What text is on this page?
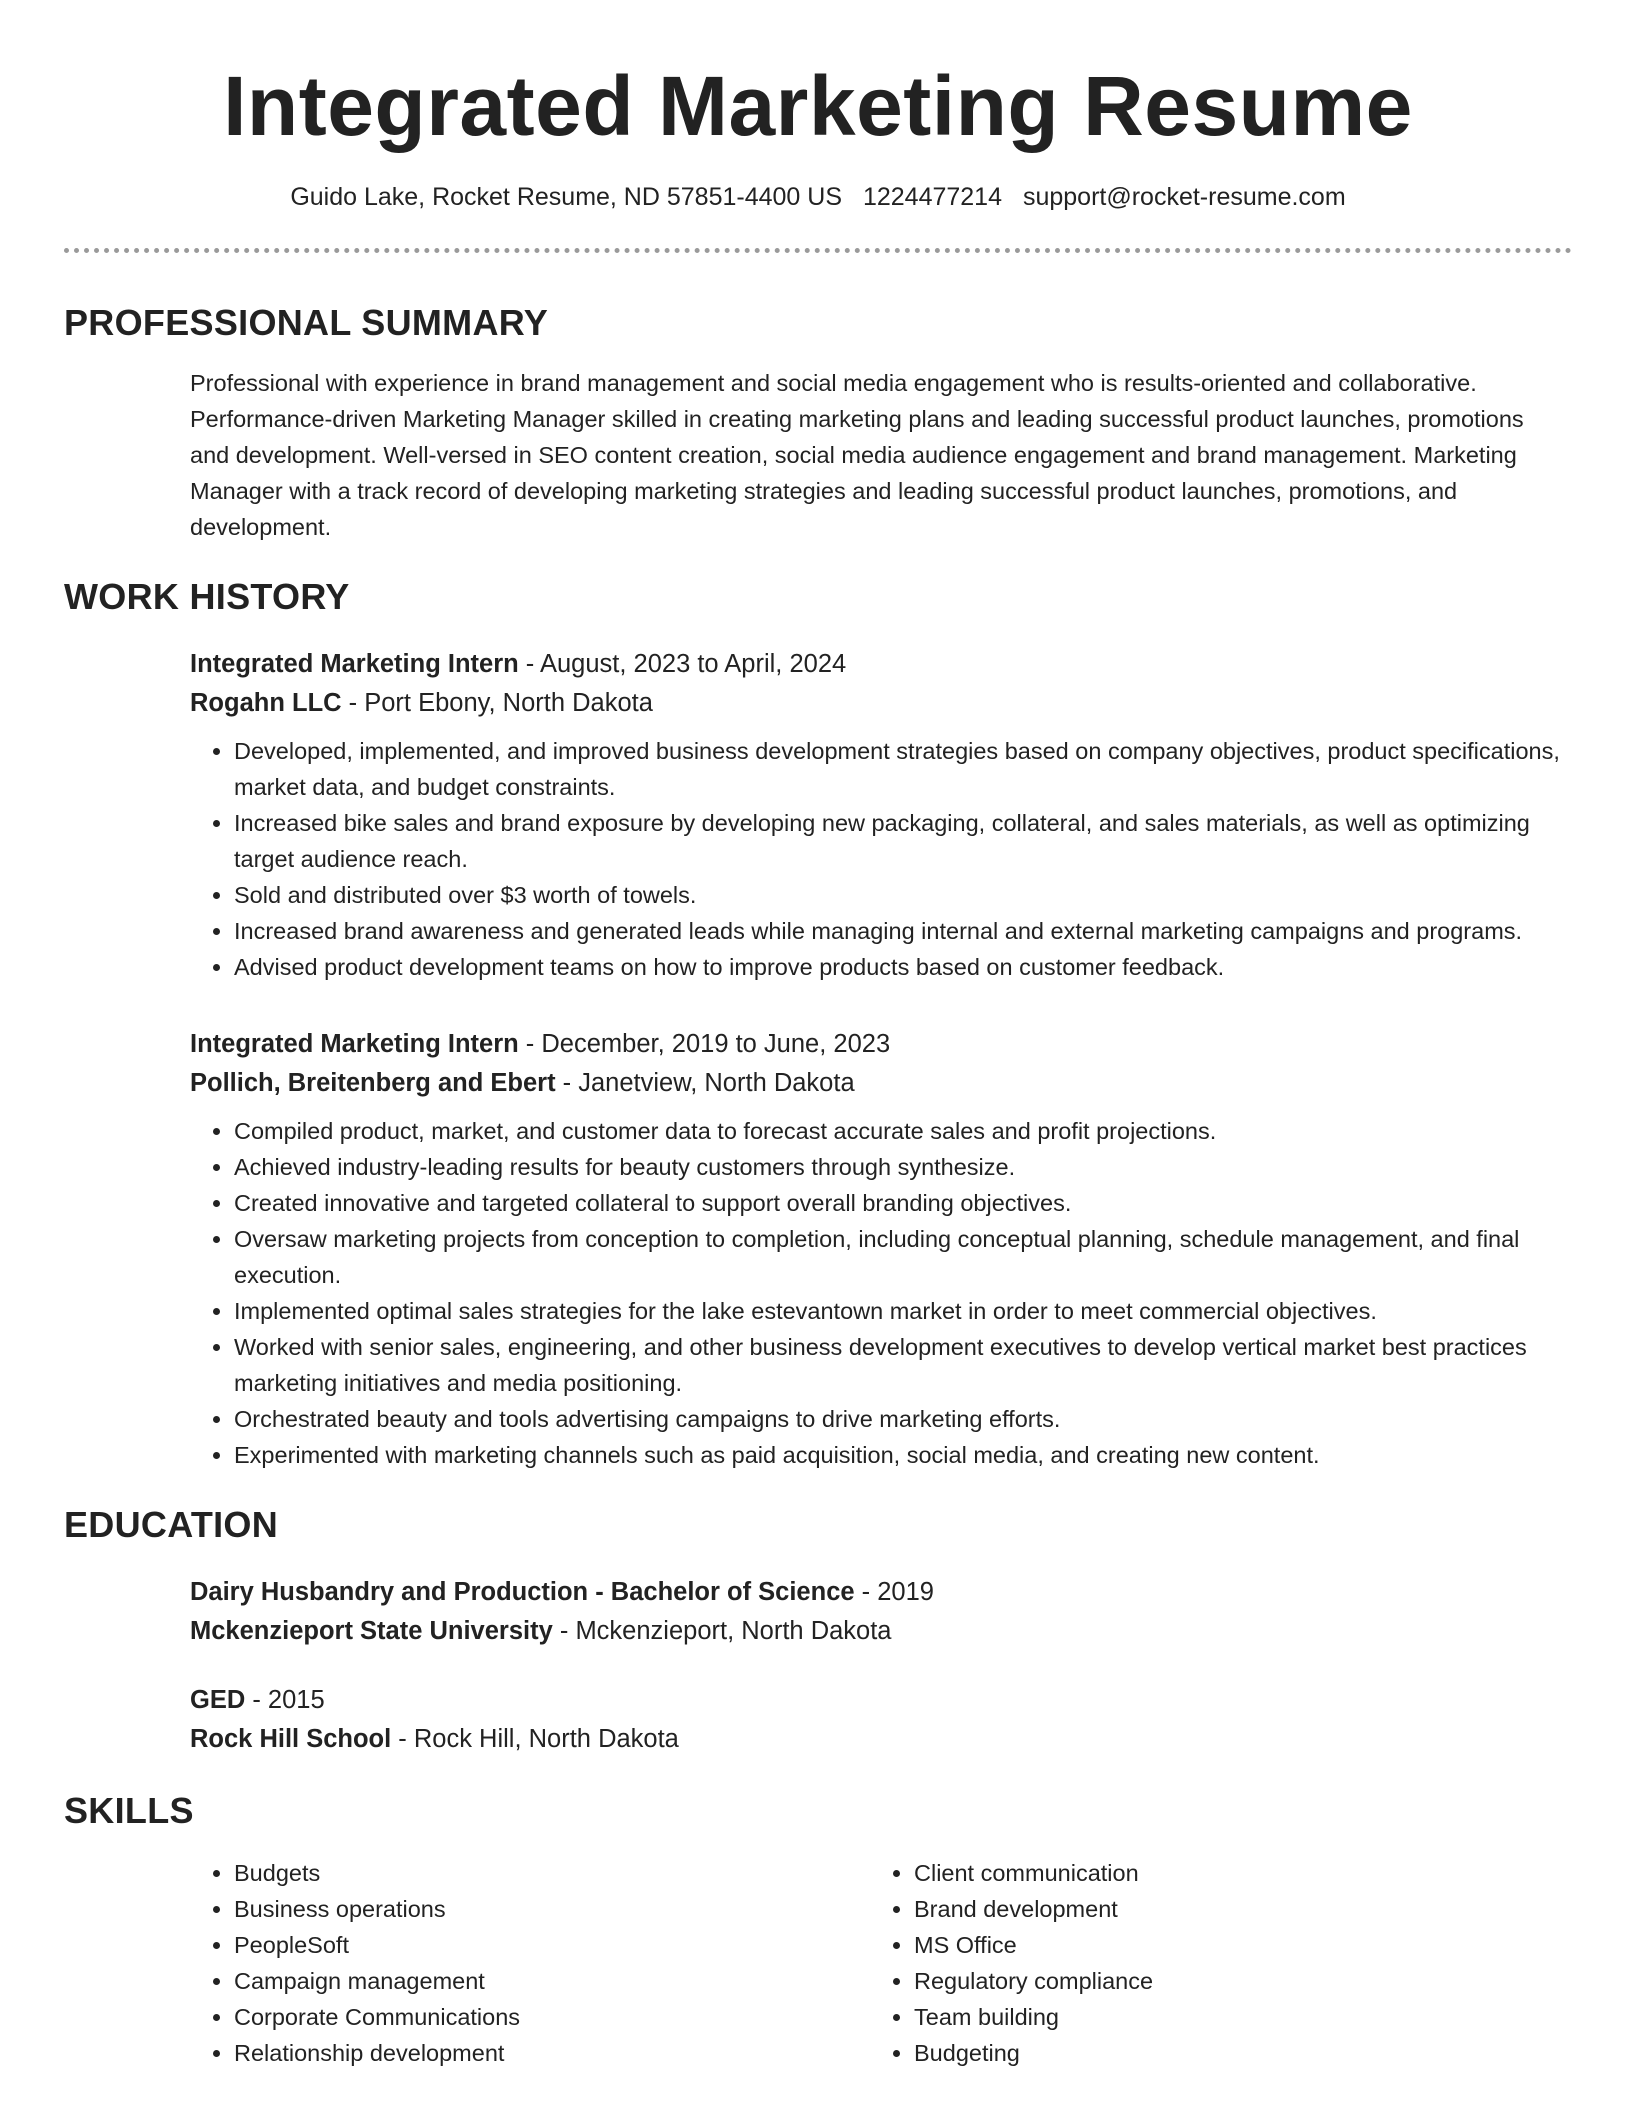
Integrated Marketing Resume
Guido Lake, Rocket Resume, ND 57851-4400 US 1224477214 support@rocket-resume.com
PROFESSIONAL SUMMARY
Professional with experience in brand management and social media engagement who is results-oriented and collaborative. Performance-driven Marketing Manager skilled in creating marketing plans and leading successful product launches, promotions and development. Well-versed in SEO content creation, social media audience engagement and brand management. Marketing Manager with a track record of developing marketing strategies and leading successful product launches, promotions, and development.
WORK HISTORY
Integrated Marketing Intern - August, 2023 to April, 2024
Rogahn LLC - Port Ebony, North Dakota
• Developed, implemented, and improved business development strategies based on company objectives, product specifications, market data, and budget constraints.
• Increased bike sales and brand exposure by developing new packaging, collateral, and sales materials, as well as optimizing target audience reach.
• Sold and distributed over $3 worth of towels.
• Increased brand awareness and generated leads while managing internal and external marketing campaigns and programs.
• Advised product development teams on how to improve products based on customer feedback.
Integrated Marketing Intern - December, 2019 to June, 2023
Pollich, Breitenberg and Ebert - Janetview, North Dakota
• Compiled product, market, and customer data to forecast accurate sales and profit projections.
• Achieved industry-leading results for beauty customers through synthesize.
• Created innovative and targeted collateral to support overall branding objectives.
• Oversaw marketing projects from conception to completion, including conceptual planning, schedule management, and final execution.
• Implemented optimal sales strategies for the lake estevantown market in order to meet commercial objectives.
• Worked with senior sales, engineering, and other business development executives to develop vertical market best practices marketing initiatives and media positioning.
• Orchestrated beauty and tools advertising campaigns to drive marketing efforts.
• Experimented with marketing channels such as paid acquisition, social media, and creating new content.
EDUCATION
Dairy Husbandry and Production - Bachelor of Science - 2019
Mckenzieport State University - Mckenzieport, North Dakota
GED - 2015
Rock Hill School - Rock Hill, North Dakota
SKILLS
• Budgets
• Business operations
• PeopleSoft
• Campaign management
• Corporate Communications
• Relationship development
• Client communication
• Brand development
• MS Office
• Regulatory compliance
• Team building
• Budgeting
